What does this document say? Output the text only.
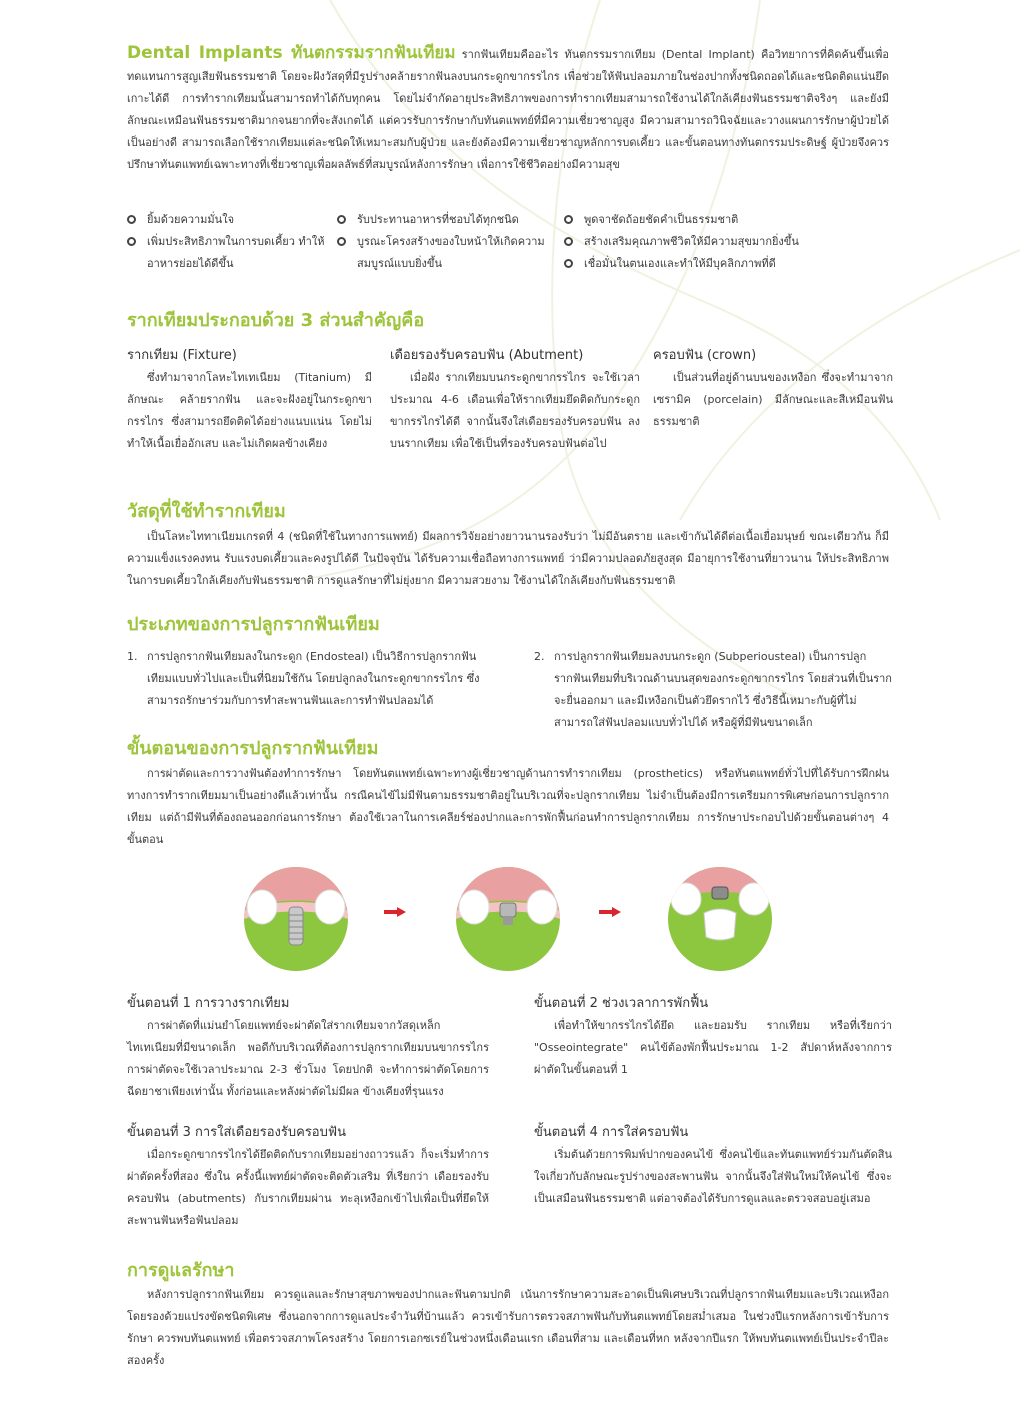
Dental Implants ทันตกรรมรากฟันเทียม รากฟันเทียมคืออะไร ทันตกรรมรากเทียม (Dental Implant) คือวิทยาการที่คิดค้นขึ้นเพื่อทดแทนการสูญเสียฟันธรรมชาติ โดยจะฝังวัสดุที่มีรูปร่างคล้ายรากฟันลงบนกระดูกขากรรไกร เพื่อช่วยให้ฟันปลอมภายในช่องปากทั้งชนิดถอดได้และชนิดติดแน่นยึดเกาะได้ดี การทำรากเทียมนั้นสามารถทำได้กับทุกคน โดยไม่จำกัดอายุประสิทธิภาพของการทำรากเทียมสามารถใช้งานได้ใกล้เคียงฟันธรรมชาติจริงๆ และยังมีลักษณะเหมือนฟันธรรมชาติมากจนยากที่จะสังเกตได้ แต่ควรรับการรักษากับทันตแพทย์ที่มีความเชี่ยวชาญสูง มีความสามารถวินิจฉัยและวางแผนการรักษาผู้ป่วยได้เป็นอย่างดี สามารถเลือกใช้รากเทียมแต่ละชนิดให้เหมาะสมกับผู้ป่วย และยังต้องมีความเชี่ยวชาญหลักการบดเคี้ยว และขั้นตอนทางทันตกรรมประดิษฐ์ ผู้ป่วยจึงควรปรึกษาทันตแพทย์เฉพาะทางที่เชี่ยวชาญเพื่อผลลัพธ์ที่สมบูรณ์หลังการรักษา เพื่อการใช้ชีวิตอย่างมีความสุข
ยิ้มด้วยความมั่นใจ
เพิ่มประสิทธิภาพในการบดเคี้ยว ทำให้อาหารย่อยได้ดีขึ้น
รับประทานอาหารที่ชอบได้ทุกชนิด
บูรณะโครงสร้างของใบหน้าให้เกิดความสมบูรณ์แบบยิ่งขึ้น
พูดจาชัดถ้อยชัดคำเป็นธรรมชาติ
สร้างเสริมคุณภาพชีวิตให้มีความสุขมากยิ่งขึ้น
เชื่อมั่นในตนเองและทำให้มีบุคลิกภาพที่ดี
รากเทียมประกอบด้วย 3 ส่วนสำคัญคือ
รากเทียม (Fixture)
ซึ่งทำมาจากโลหะไทเทเนียม (Titanium) มีลักษณะ คล้ายรากฟัน และจะฝังอยู่ในกระดูกขากรรไกร ซึ่งสามารถยึดติดได้อย่างแนบแน่น โดยไม่ทำให้เนื้อเยื่ออักเสบ และไม่เกิดผลข้างเคียง
เดือยรองรับครอบฟัน (Abutment)
เมื่อฝัง รากเทียมบนกระดูกขากรรไกร จะใช้เวลาประมาณ 4-6 เดือนเพื่อให้รากเทียมยึดติดกับกระดูกขากรรไกรได้ดี จากนั้นจึงใส่เดือยรองรับครอบฟัน ลงบนรากเทียม เพื่อใช้เป็นที่รองรับครอบฟันต่อไป
ครอบฟัน (crown)
เป็นส่วนที่อยู่ด้านบนของเหงือก ซึ่งจะทำมาจาก เซรามิค (porcelain) มีลักษณะและสีเหมือนฟันธรรมชาติ
วัสดุที่ใช้ทำรากเทียม
เป็นโลหะไททาเนียมเกรดที่ 4 (ชนิดที่ใช้ในทางการแพทย์) มีผลการวิจัยอย่างยาวนานรองรับว่า ไม่มีอันตราย และเข้ากันได้ดีต่อเนื้อเยื่อมนุษย์ ขณะเดียวกัน ก็มีความแข็งแรงคงทน รับแรงบดเคี้ยวและคงรูปได้ดี ในปัจจุบัน ได้รับความเชื่อถือทางการแพทย์ ว่ามีความปลอดภัยสูงสุด มีอายุการใช้งานที่ยาวนาน ให้ประสิทธิภาพในการบดเคี้ยวใกล้เคียงกับฟันธรรมชาติ การดูแลรักษาที่ไม่ยุ่งยาก มีความสวยงาม ใช้งานได้ใกล้เคียงกับฟันธรรมชาติ
ประเภทของการปลูกรากฟันเทียม
1. การปลูกรากฟันเทียมลงในกระดูก (Endosteal) เป็นวิธีการปลูกรากฟันเทียมแบบทั่วไปและเป็นที่นิยมใช้กัน โดยปลูกลงในกระดูกขากรรไกร ซึ่งสามารถรักษาร่วมกับการทำสะพานฟันและการทำฟันปลอมได้
2. การปลูกรากฟันเทียมลงบนกระดูก (Subperiousteal) เป็นการปลูกรากฟันเทียมที่บริเวณด้านบนสุดของกระดูกขากรรไกร โดยส่วนที่เป็นรากจะยื่นออกมา และมีเหงือกเป็นตัวยึดรากไว้ ซึ่งวิธีนี้เหมาะกับผู้ที่ไม่สามารถใส่ฟันปลอมแบบทั่วไปได้ หรือผู้ที่มีฟันขนาดเล็ก
ขั้นตอนของการปลูกรากฟันเทียม
การผ่าตัดและการวางฟันต้องทำการรักษา โดยทันตแพทย์เฉพาะทางผู้เชี่ยวชาญด้านการทำรากเทียม (prosthetics) หรือทันตแพทย์ทั่วไปที่ได้รับการฝึกฝนทางการทำรากเทียมมาเป็นอย่างดีแล้วเท่านั้น กรณีคนไข้ไม่มีฟันตามธรรมชาติอยู่ในบริเวณที่จะปลูกรากเทียม ไม่จำเป็นต้องมีการเตรียมการพิเศษก่อนการปลูกรากเทียม แต่ถ้ามีฟันที่ต้องถอนออกก่อนการรักษา ต้องใช้เวลาในการเคลียร์ช่องปากและการพักฟื้นก่อนทำการปลูกรากเทียม การรักษาประกอบไปด้วยขั้นตอนต่างๆ 4 ขั้นตอน
ขั้นตอนที่ 1 การวางรากเทียม
การผ่าตัดที่แม่นยำโดยแพทย์จะผ่าตัดใส่รากเทียมจากวัสดุเหล็กไทเทเนียมที่มีขนาดเล็ก พอดีกับบริเวณที่ต้องการปลูกรากเทียมบนขากรรไกร การผ่าตัดจะใช้เวลาประมาณ 2-3 ชั่วโมง โดยปกติ จะทำการผ่าตัดโดยการฉีดยาชาเพียงเท่านั้น ทั้งก่อนและหลังผ่าตัดไม่มีผล ข้างเคียงที่รุนแรง
ขั้นตอนที่ 2 ช่วงเวลาการพักฟื้น
เพื่อทำให้ขากรรไกรได้ยึด และยอมรับ รากเทียม หรือที่เรียกว่า "Osseointegrate" คนไข้ต้องพักฟื้นประมาณ 1-2 สัปดาห์หลังจากการผ่าตัดในขั้นตอนที่ 1
ขั้นตอนที่ 3 การใส่เดือยรองรับครอบฟัน
เมื่อกระดูกขากรรไกรได้ยึดติดกับรากเทียมอย่างถาวรแล้ว ก็จะเริ่มทำการผ่าตัดครั้งที่สอง ซึ่งใน ครั้งนี้แพทย์ผ่าตัดจะติดตัวเสริม ที่เรียกว่า เดือยรองรับครอบฟัน (abutments) กับรากเทียมผ่าน ทะลุเหงือกเข้าไปเพื่อเป็นที่ยึดให้สะพานฟันหรือฟันปลอม
ขั้นตอนที่ 4 การใส่ครอบฟัน
เริ่มต้นด้วยการพิมพ์ปากของคนไข้ ซึ่งคนไข้และทันตแพทย์ร่วมกันตัดสินใจเกี่ยวกับลักษณะรูปร่างของสะพานฟัน จากนั้นจึงใส่ฟันใหม่ให้คนไข้ ซึ่งจะเป็นเสมือนฟันธรรมชาติ แต่อาจต้องได้รับการดูแลและตรวจสอบอยู่เสมอ
การดูแลรักษา
หลังการปลูกรากฟันเทียม ควรดูแลและรักษาสุขภาพของปากและฟันตามปกติ เน้นการรักษาความสะอาดเป็นพิเศษบริเวณที่ปลูกรากฟันเทียมและบริเวณเหงือก โดยรองด้วยแปรงขัดชนิดพิเศษ ซึ่งนอกจากการดูแลประจำวันที่บ้านแล้ว ควรเข้ารับการตรวจสภาพฟันกับทันตแพทย์โดยสม่ำเสมอ ในช่วงปีแรกหลังการเข้ารับการรักษา ควรพบทันตแพทย์ เพื่อตรวจสภาพโครงสร้าง โดยการเอกซเรย์ในช่วงหนึ่งเดือนแรก เดือนที่สาม และเดือนที่หก หลังจากปีแรก ให้พบทันตแพทย์เป็นประจำปีละสองครั้ง
